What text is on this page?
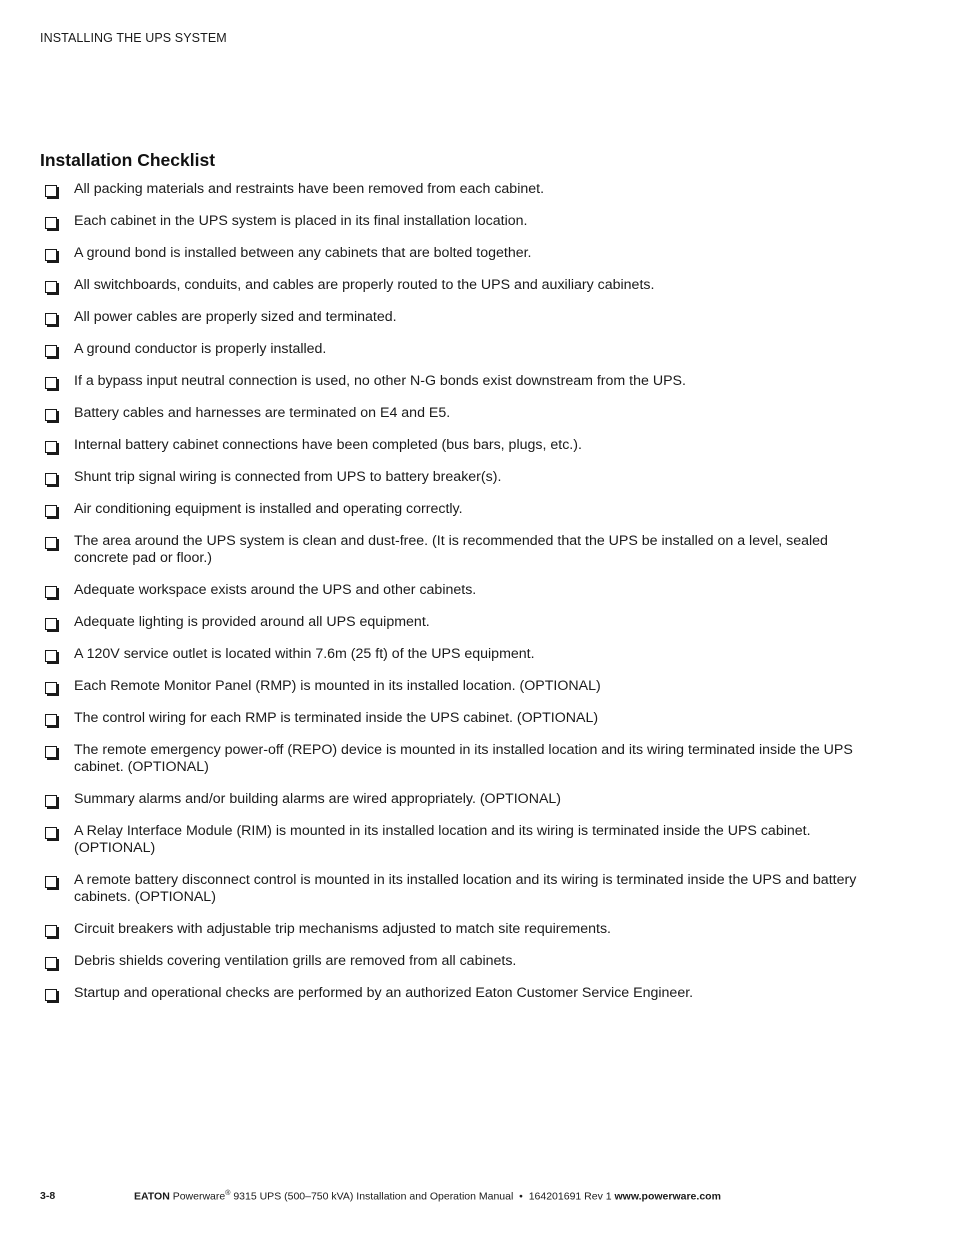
INSTALLING THE UPS SYSTEM
Installation Checklist
All packing materials and restraints have been removed from each cabinet.
Each cabinet in the UPS system is placed in its final installation location.
A ground bond is installed between any cabinets that are bolted together.
All switchboards, conduits, and cables are properly routed to the UPS and auxiliary cabinets.
All power cables are properly sized and terminated.
A ground conductor is properly installed.
If a bypass input neutral connection is used, no other N-G bonds exist downstream from the UPS.
Battery cables and harnesses are terminated on E4 and E5.
Internal battery cabinet connections have been completed (bus bars, plugs, etc.).
Shunt trip signal wiring is connected from UPS to battery breaker(s).
Air conditioning equipment is installed and operating correctly.
The area around the UPS system is clean and dust-free. (It is recommended that the UPS be installed on a level, sealed concrete pad or floor.)
Adequate workspace exists around the UPS and other cabinets.
Adequate lighting is provided around all UPS equipment.
A 120V service outlet is located within 7.6m (25 ft) of the UPS equipment.
Each Remote Monitor Panel (RMP) is mounted in its installed location. (OPTIONAL)
The control wiring for each RMP is terminated inside the UPS cabinet. (OPTIONAL)
The remote emergency power-off (REPO) device is mounted in its installed location and its wiring terminated inside the UPS cabinet. (OPTIONAL)
Summary alarms and/or building alarms are wired appropriately. (OPTIONAL)
A Relay Interface Module (RIM) is mounted in its installed location and its wiring is terminated inside the UPS cabinet. (OPTIONAL)
A remote battery disconnect control is mounted in its installed location and its wiring is terminated inside the UPS and battery cabinets. (OPTIONAL)
Circuit breakers with adjustable trip mechanisms adjusted to match site requirements.
Debris shields covering ventilation grills are removed from all cabinets.
Startup and operational checks are performed by an authorized Eaton Customer Service Engineer.
3-8	EATON Powerware® 9315 UPS (500–750 kVA) Installation and Operation Manual • 164201691 Rev 1 www.powerware.com
